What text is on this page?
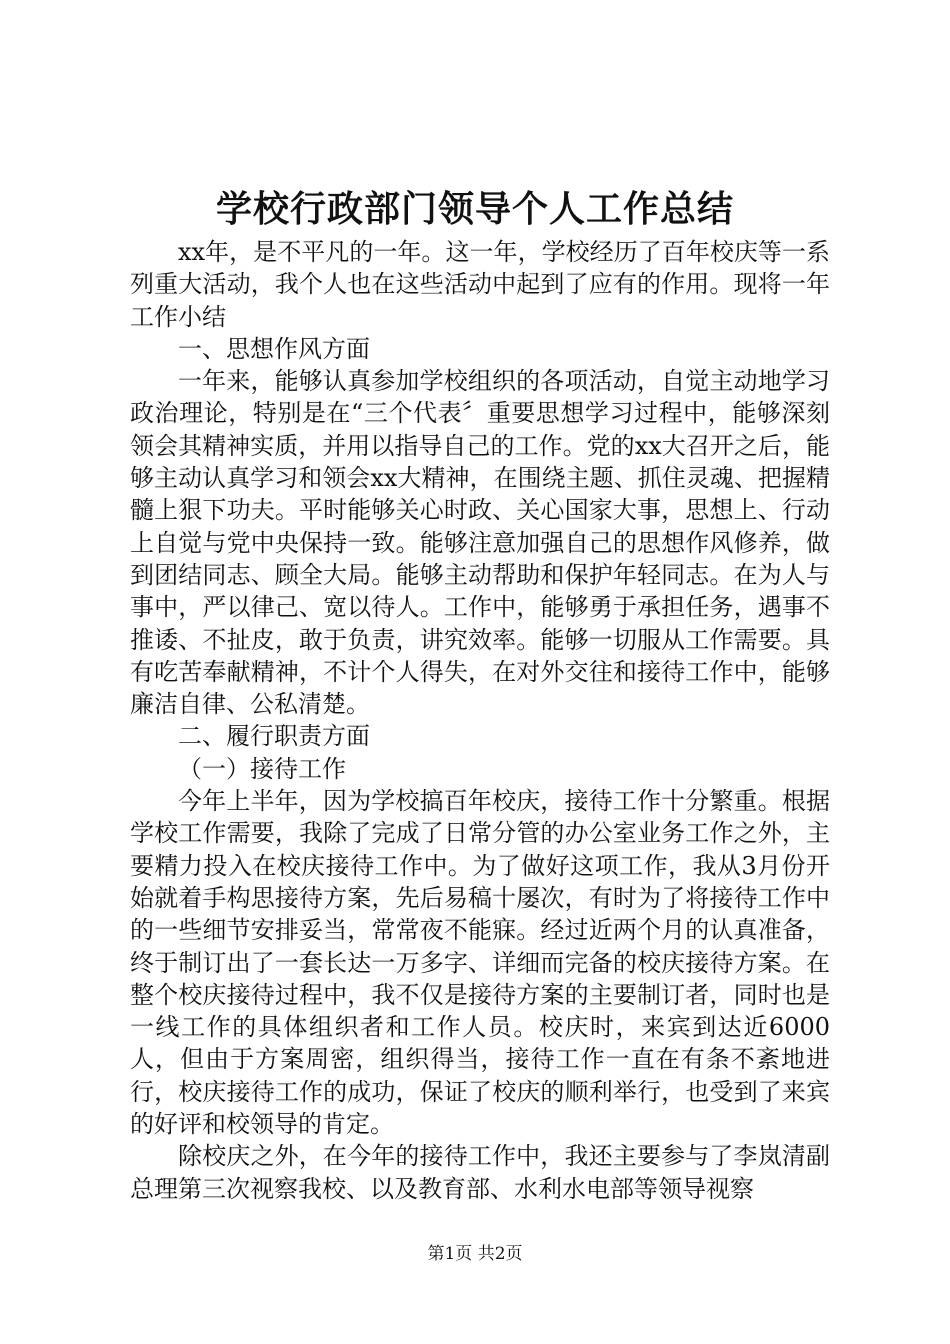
学校行政部门领导个人工作总结

xx年，是不平凡的一年。这一年，学校经历了百年校庆等一系列重大活动，我个人也在这些活动中起到了应有的作用。现将一年工作小结

一、思想作风方面

一年来，能够认真参加学校组织的各项活动，自觉主动地学习政治理论，特别是在“三个代表〞重要思想学习过程中，能够深刻领会其精神实质，并用以指导自己的工作。党的xx大召开之后，能够主动认真学习和领会xx大精神，在围绕主题、抓住灵魂、把握精髓上狠下功夫。平时能够关心时政、关心国家大事，思想上、行动上自觉与党中央保持一致。能够注意加强自己的思想作风修养，做到团结同志、顾全大局。能够主动帮助和保护年轻同志。在为人与事中，严以律己、宽以待人。工作中，能够勇于承担任务，遇事不推诿、不扯皮，敢于负责，讲究效率。能够一切服从工作需要。具有吃苦奉献精神，不计个人得失，在对外交往和接待工作中，能够廉洁自律、公私清楚。

二、履行职责方面

（一）接待工作

今年上半年，因为学校搞百年校庆，接待工作十分繁重。根据学校工作需要，我除了完成了日常分管的办公室业务工作之外，主要精力投入在校庆接待工作中。为了做好这项工作，我从3月份开始就着手构思接待方案，先后易稿十屡次，有时为了将接待工作中的一些细节安排妥当，常常夜不能寐。经过近两个月的认真准备，终于制订出了一套长达一万多字、详细而完备的校庆接待方案。在整个校庆接待过程中，我不仅是接待方案的主要制订者，同时也是一线工作的具体组织者和工作人员。校庆时，来宾到达近6000人，但由于方案周密，组织得当，接待工作一直在有条不紊地进行，校庆接待工作的成功，保证了校庆的顺利举行，也受到了来宾的好评和校领导的肯定。

除校庆之外，在今年的接待工作中，我还主要参与了李岚清副总理第三次视察我校、以及教育部、水利水电部等领导视察

第1页 共2页
